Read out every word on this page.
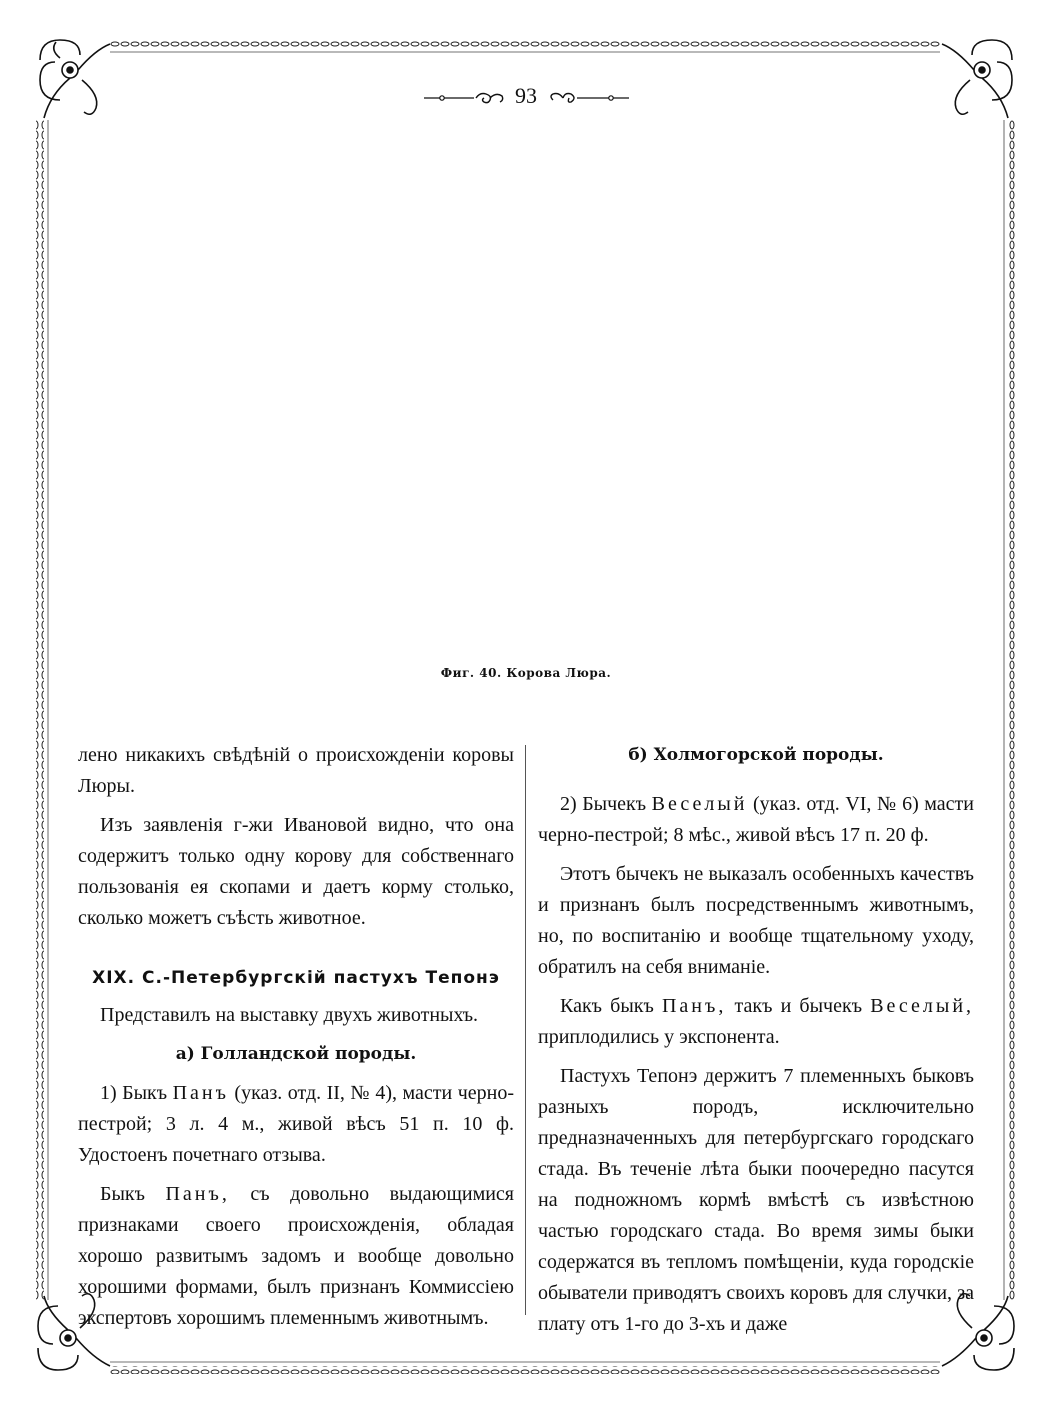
93
Фиг. 40. Корова Люра.

лено никакихъ свѣдѣній о происхожденіи коровы Люры.

Изъ заявленія г-жи Ивановой видно, что она содержитъ только одну корову для собственнаго пользованія ея скопами и даетъ корму столько, сколько можетъ съѣсть животное.

XIX. С.-Петербургскій пастухъ Тепонэ

Представилъ на выставку двухъ животныхъ.

а) Голландской породы.

1) Быкъ Панъ (указ. отд. II, № 4), масти черно-пестрой; 3 л. 4 м., живой вѣсъ 51 п. 10 ф. Удостоенъ почетнаго отзыва.

Быкъ Панъ, съ довольно выдающимися признаками своего происхожденія, обладая хорошо развитымъ задомъ и вообще довольно хорошими формами, былъ признанъ Коммиссіею экспертовъ хорошимъ племеннымъ животнымъ.

б) Холмогорской породы.

2) Бычекъ Веселый (указ. отд. VI, № 6) масти черно-пестрой; 8 мѣс., живой вѣсъ 17 п. 20 ф.

Этотъ бычекъ не выказалъ особенныхъ качествъ и признанъ былъ посредственнымъ животнымъ, но, по воспитанію и вообще тщательному уходу, обратилъ на себя вниманіе.

Какъ быкъ Панъ, такъ и бычекъ Веселый, приплодились у экспонента.

Пастухъ Тепонэ держитъ 7 племенныхъ быковъ разныхъ породъ, исключительно предназначенныхъ для петербургскаго городскаго стада. Въ теченіе лѣта быки поочередно пасутся на подножномъ кормѣ вмѣстѣ съ извѣстною частью городскаго стада. Во время зимы быки содержатся въ тепломъ помѣщеніи, куда городскіе обыватели приводятъ своихъ коровъ для случки, за плату отъ 1-го до 3-хъ и даже
